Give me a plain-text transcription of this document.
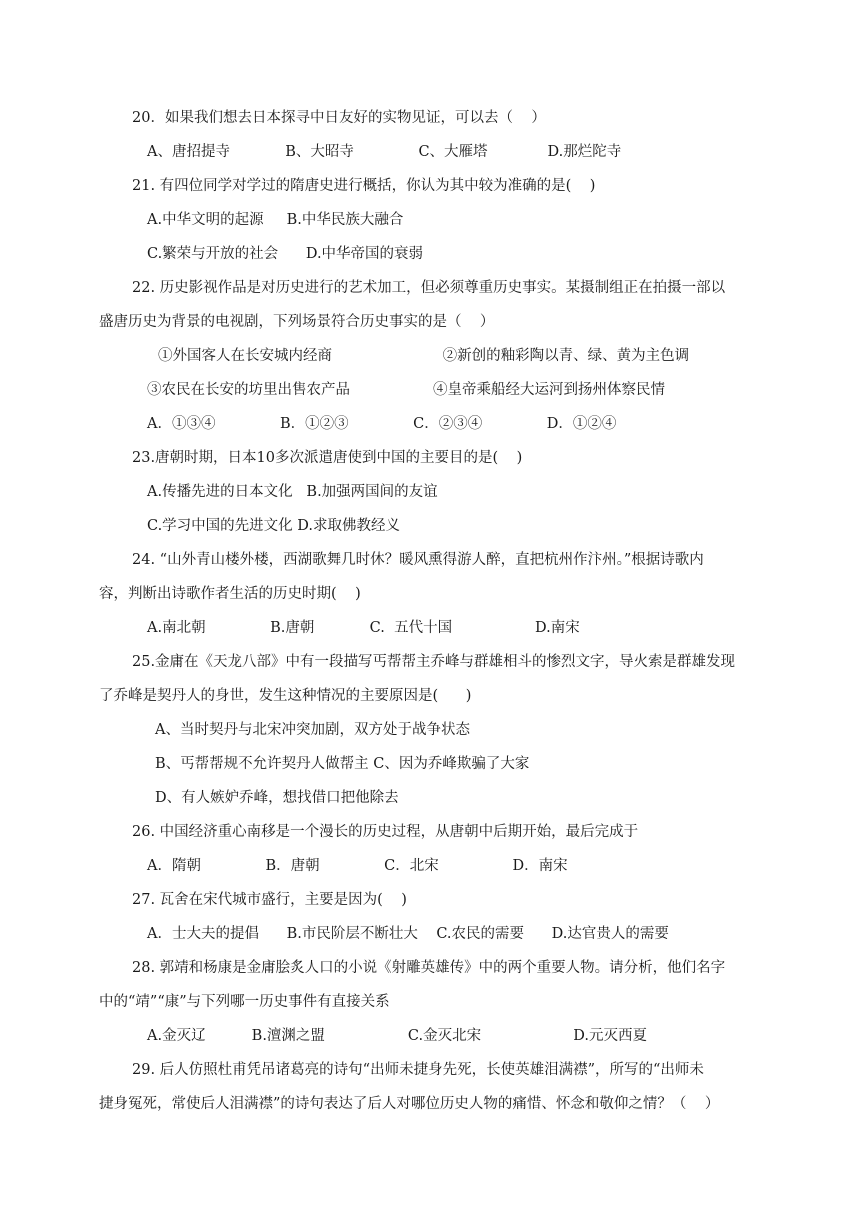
20．如果我们想去日本探寻中日友好的实物见证，可以去（    ）
A、唐招提寺            B、大昭寺              C、大雁塔             D.那烂陀寺
21. 有四位同学对学过的隋唐史进行概括，你认为其中较为准确的是(    )
A.中华文明的起源     B.中华民族大融合
C.繁荣与开放的社会      D.中华帝国的衰弱
22. 历史影视作品是对历史进行的艺术加工，但必须尊重历史事实。某摄制组正在拍摄一部以
盛唐历史为背景的电视剧，下列场景符合历史事实的是（    ）
①外国客人在长安城内经商                        ②新创的釉彩陶以青、绿、黄为主色调
③农民在长安的坊里出售农产品                  ④皇帝乘船经大运河到扬州体察民情
A．①③④              B．①②③              C．②③④              D．①②④
23.唐朝时期，日本10多次派遣唐使到中国的主要目的是(    )
A.传播先进的日本文化   B.加强两国间的友谊
C.学习中国的先进文化 D.求取佛教经义
24. “山外青山楼外楼，西湖歌舞几时休？暖风熏得游人醉，直把杭州作汴州。”根据诗歌内
容，判断出诗歌作者生活的历史时期(    )
A.南北朝              B.唐朝            C.  五代十国                  D.南宋
25.金庸在《天龙八部》中有一段描写丐帮帮主乔峰与群雄相斗的惨烈文字，导火索是群雄发现
了乔峰是契丹人的身世，发生这种情况的主要原因是(      )
A、当时契丹与北宋冲突加剧，双方处于战争状态
B、丐帮帮规不允许契丹人做帮主 C、因为乔峰欺骗了大家
D、有人嫉妒乔峰，想找借口把他除去
26. 中国经济重心南移是一个漫长的历史过程，从唐朝中后期开始，最后完成于
A．隋朝              B．唐朝              C．北宋                D．南宋
27. 瓦舍在宋代城市盛行，主要是因为(    )
A．士大夫的提倡      B.市民阶层不断壮大    C.农民的需要      D.达官贵人的需要
28. 郭靖和杨康是金庸脍炙人口的小说《射雕英雄传》中的两个重要人物。请分析，他们名字
中的“靖”“康”与下列哪一历史事件有直接关系
A.金灭辽          B.澶渊之盟                  C.金灭北宋                    D.元灭西夏
29. 后人仿照杜甫凭吊诸葛亮的诗句“出师未捷身先死，长使英雄泪满襟”，所写的“出师未
捷身冤死，常使后人泪满襟”的诗句表达了后人对哪位历史人物的痛惜、怀念和敬仰之情？（    ）
